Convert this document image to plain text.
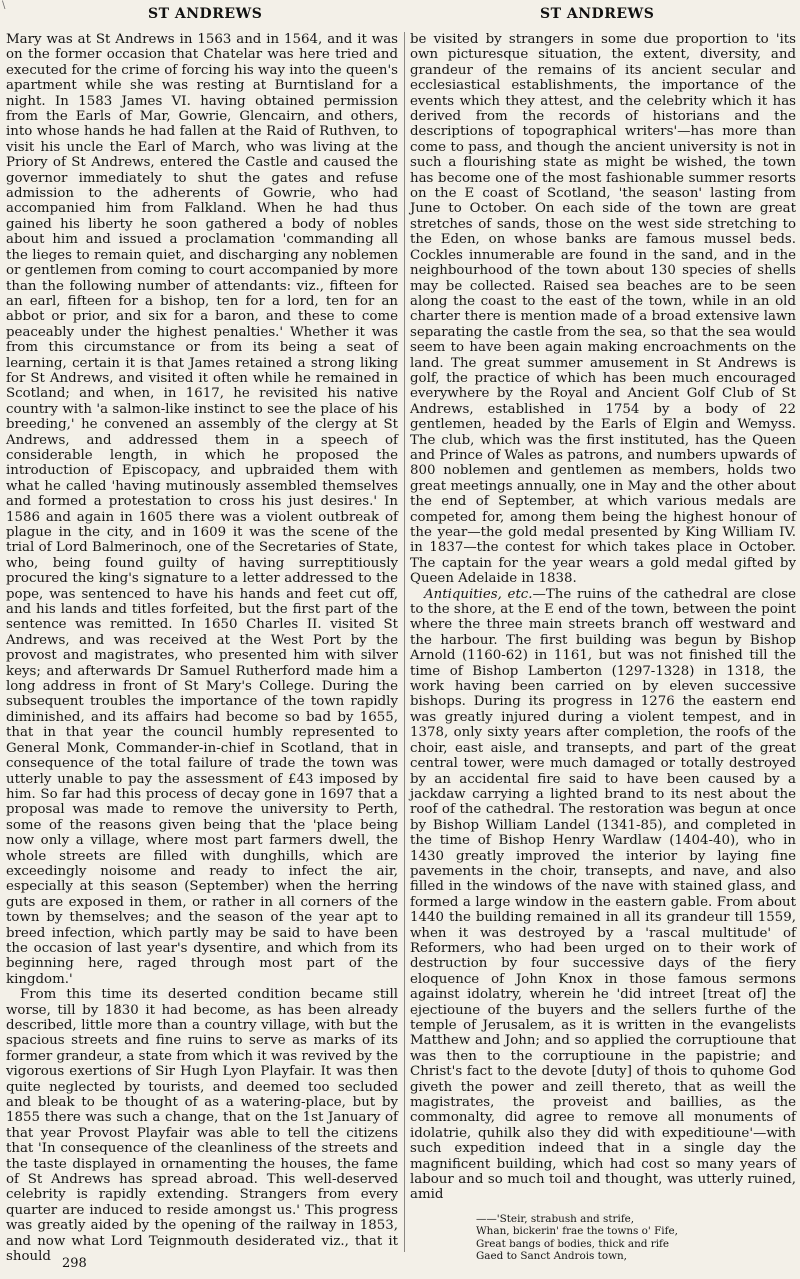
\
ST ANDREWS	ST ANDREWS

Mary was at St Andrews in 1563 and in 1564, and it was on the former occasion that Chatelar was here tried and executed for the crime of forcing his way into the queen's apartment while she was resting at Burntisland for a night. In 1583 James VI. having obtained permission from the Earls of Mar, Gowrie, Glencairn, and others, into whose hands he had fallen at the Raid of Ruthven, to visit his uncle the Earl of March, who was living at the Priory of St Andrews, entered the Castle and caused the governor immediately to shut the gates and refuse admission to the adherents of Gowrie, who had accompanied him from Falkland. When he had thus gained his liberty he soon gathered a body of nobles about him and issued a proclamation 'commanding all the lieges to remain quiet, and discharging any noblemen or gentlemen from coming to court accompanied by more than the following number of attendants: viz., fifteen for an earl, fifteen for a bishop, ten for a lord, ten for an abbot or prior, and six for a baron, and these to come peaceably under the highest penalties.' Whether it was from this circumstance or from its being a seat of learning, certain it is that James retained a strong liking for St Andrews, and visited it often while he remained in Scotland; and when, in 1617, he revisited his native country with 'a salmon-like instinct to see the place of his breeding,' he convened an assembly of the clergy at St Andrews, and addressed them in a speech of considerable length, in which he proposed the introduction of Episcopacy, and upbraided them with what he called 'having mutinously assembled themselves and formed a protestation to cross his just desires.' In 1586 and again in 1605 there was a violent outbreak of plague in the city, and in 1609 it was the scene of the trial of Lord Balmerinoch, one of the Secretaries of State, who, being found guilty of having surreptitiously procured the king's signature to a letter addressed to the pope, was sentenced to have his hands and feet cut off, and his lands and titles forfeited, but the first part of the sentence was remitted. In 1650 Charles II. visited St Andrews, and was received at the West Port by the provost and magistrates, who presented him with silver keys; and afterwards Dr Samuel Rutherford made him a long address in front of St Mary's College. During the subsequent troubles the importance of the town rapidly diminished, and its affairs had become so bad by 1655, that in that year the council humbly represented to General Monk, Commander-in-chief in Scotland, that in consequence of the total failure of trade the town was utterly unable to pay the assessment of £43 imposed by him. So far had this process of decay gone in 1697 that a proposal was made to remove the university to Perth, some of the reasons given being that the 'place being now only a village, where most part farmers dwell, the whole streets are filled with dunghills, which are exceedingly noisome and ready to infect the air, especially at this season (September) when the herring guts are exposed in them, or rather in all corners of the town by themselves; and the season of the year apt to breed infection, which partly may be said to have been the occasion of last year's dysentire, and which from its beginning here, raged through most part of the kingdom.'

From this time its deserted condition became still worse, till by 1830 it had become, as has been already described, little more than a country village, with but the spacious streets and fine ruins to serve as marks of its former grandeur, a state from which it was revived by the vigorous exertions of Sir Hugh Lyon Playfair. It was then quite neglected by tourists, and deemed too secluded and bleak to be thought of as a watering-place, but by 1855 there was such a change, that on the 1st January of that year Provost Playfair was able to tell the citizens that 'In consequence of the cleanliness of the streets and the taste displayed in ornamenting the houses, the fame of St Andrews has spread abroad. This well-deserved celebrity is rapidly extending. Strangers from every quarter are induced to reside amongst us.' This progress was greatly aided by the opening of the railway in 1853, and now what Lord Teignmouth desiderated viz., that it should

be visited by strangers in some due proportion to 'its own picturesque situation, the extent, diversity, and grandeur of the remains of its ancient secular and ecclesiastical establishments, the importance of the events which they attest, and the celebrity which it has derived from the records of historians and the descriptions of topographical writers'—has more than come to pass, and though the ancient university is not in such a flourishing state as might be wished, the town has become one of the most fashionable summer resorts on the E coast of Scotland, 'the season' lasting from June to October. On each side of the town are great stretches of sands, those on the west side stretching to the Eden, on whose banks are famous mussel beds. Cockles innumerable are found in the sand, and in the neighbourhood of the town about 130 species of shells may be collected. Raised sea beaches are to be seen along the coast to the east of the town, while in an old charter there is mention made of a broad extensive lawn separating the castle from the sea, so that the sea would seem to have been again making encroachments on the land. The great summer amusement in St Andrews is golf, the practice of which has been much encouraged everywhere by the Royal and Ancient Golf Club of St Andrews, established in 1754 by a body of 22 gentlemen, headed by the Earls of Elgin and Wemyss. The club, which was the first instituted, has the Queen and Prince of Wales as patrons, and numbers upwards of 800 noblemen and gentlemen as members, holds two great meetings annually, one in May and the other about the end of September, at which various medals are competed for, among them being the highest honour of the year—the gold medal presented by King William IV. in 1837—the contest for which takes place in October. The captain for the year wears a gold medal gifted by Queen Adelaide in 1838.

Antiquities, etc.—The ruins of the cathedral are close to the shore, at the E end of the town, between the point where the three main streets branch off westward and the harbour. The first building was begun by Bishop Arnold (1160-62) in 1161, but was not finished till the time of Bishop Lamberton (1297-1328) in 1318, the work having been carried on by eleven successive bishops. During its progress in 1276 the eastern end was greatly injured during a violent tempest, and in 1378, only sixty years after completion, the roofs of the choir, east aisle, and transepts, and part of the great central tower, were much damaged or totally destroyed by an accidental fire said to have been caused by a jackdaw carrying a lighted brand to its nest about the roof of the cathedral. The restoration was begun at once by Bishop William Landel (1341-85), and completed in the time of Bishop Henry Wardlaw (1404-40), who in 1430 greatly improved the interior by laying fine pavements in the choir, transepts, and nave, and also filled in the windows of the nave with stained glass, and formed a large window in the eastern gable. From about 1440 the building remained in all its grandeur till 1559, when it was destroyed by a 'rascal multitude' of Reformers, who had been urged on to their work of destruction by four successive days of the fiery eloquence of John Knox in those famous sermons against idolatry, wherein he 'did intreet [treat of] the ejectioune of the buyers and the sellers furthe of the temple of Jerusalem, as it is written in the evangelists Matthew and John; and so applied the corruptioune that was then to the corruptioune in the papistrie; and Christ's fact to the devote [duty] of thois to quhome God giveth the power and zeill thereto, that as weill the magistrates, the proveist and baillies, as the commonalty, did agree to remove all monuments of idolatrie, quhilk also they did with expeditioune'—with such expedition indeed that in a single day the magnificent building, which had cost so many years of labour and so much toil and thought, was utterly ruined, amid

——'Steir, strabush and strife,
Whan, bickerin' frae the towns o' Fife,
Great bangs of bodies, thick and rife
Gaed to Sanct Androis town,
298
